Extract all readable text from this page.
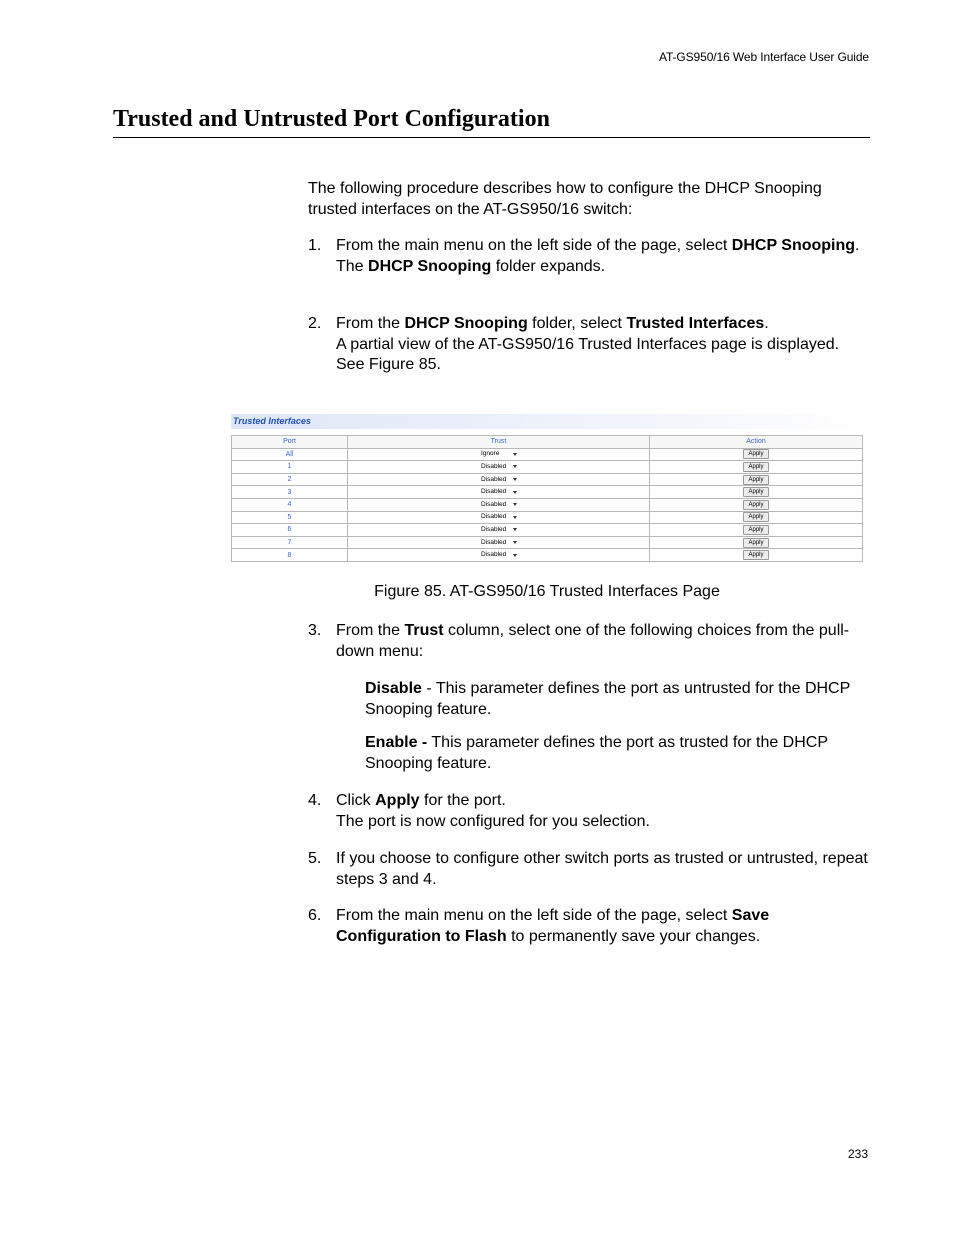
AT-GS950/16 Web Interface User Guide
Trusted and Untrusted Port Configuration
The following procedure describes how to configure the DHCP Snooping trusted interfaces on the AT-GS950/16 switch:
1. From the main menu on the left side of the page, select DHCP Snooping.
The DHCP Snooping folder expands.
2. From the DHCP Snooping folder, select Trusted Interfaces.
A partial view of the AT-GS950/16 Trusted Interfaces page is displayed. See Figure 85.
Trusted Interfaces
Port	Trust	Action
All	Ignore	Apply
1	Disabled	Apply
2	Disabled	Apply
3	Disabled	Apply
4	Disabled	Apply
5	Disabled	Apply
6	Disabled	Apply
7	Disabled	Apply
8	Disabled	Apply
Figure 85. AT-GS950/16 Trusted Interfaces Page
3. From the Trust column, select one of the following choices from the pull-down menu:
Disable - This parameter defines the port as untrusted for the DHCP Snooping feature.
Enable - This parameter defines the port as trusted for the DHCP Snooping feature.
4. Click Apply for the port.
The port is now configured for you selection.
5. If you choose to configure other switch ports as trusted or untrusted, repeat steps 3 and 4.
6. From the main menu on the left side of the page, select Save Configuration to Flash to permanently save your changes.
233
